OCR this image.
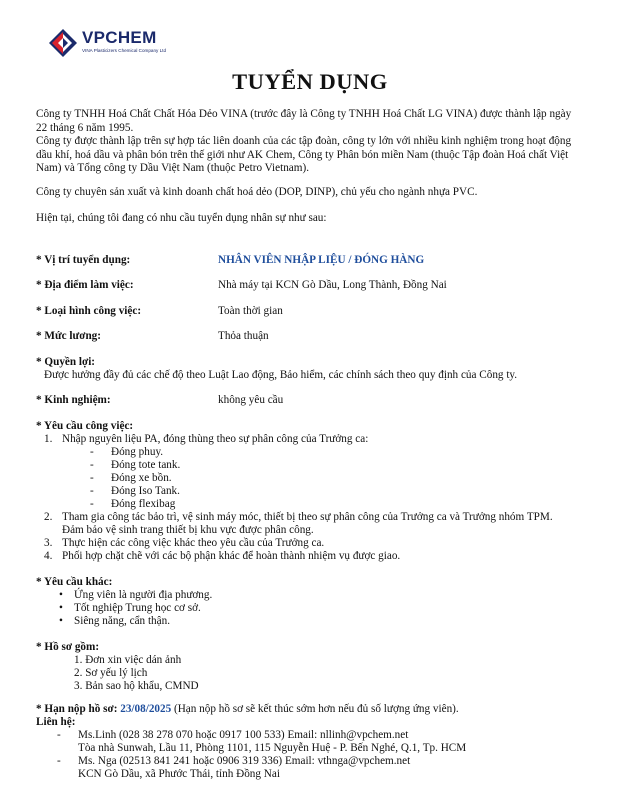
VPCHEM
VINA Plasticizers Chemical Company Ltd
TUYỂN DỤNG
Công ty TNHH Hoá Chất Chất Hóa Dẻo VINA (trước đây là Công ty TNHH Hoá Chất LG VINA) được thành lập ngày
22 tháng 6 năm 1995.
Công ty được thành lập trên sự hợp tác liên doanh của các tập đoàn, công ty lớn với nhiều kinh nghiệm trong hoạt động
dầu khí, hoá dầu và phân bón trên thế giới như AK Chem, Công ty Phân bón miền Nam (thuộc Tập đoàn Hoá chất Việt
Nam) và Tổng công ty Dầu Việt Nam (thuộc Petro Vietnam).
Công ty chuyên sản xuất và kinh doanh chất hoá dẻo (DOP, DINP), chủ yếu cho ngành nhựa PVC.
Hiện tại, chúng tôi đang có nhu cầu tuyển dụng nhân sự như sau:
* Vị trí tuyển dụng:	NHÂN VIÊN NHẬP LIỆU / ĐÓNG HÀNG
* Địa điểm làm việc:	Nhà máy tại KCN Gò Dầu, Long Thành, Đồng Nai
* Loại hình công việc:	Toàn thời gian
* Mức lương:	Thỏa thuận
* Quyền lợi:
Được hưởng đầy đủ các chế độ theo Luật Lao động, Bảo hiểm, các chính sách theo quy định của Công ty.
* Kinh nghiệm:	không yêu cầu
* Yêu cầu công việc:
1. Nhập nguyên liệu PA, đóng thùng theo sự phân công của Trưởng ca:
- Đóng phuy.
- Đóng tote tank.
- Đóng xe bồn.
- Đóng Iso Tank.
- Đóng flexibag
2. Tham gia công tác bảo trì, vệ sinh máy móc, thiết bị theo sự phân công của Trưởng ca và Trưởng nhóm TPM.
Đảm bảo vệ sinh trang thiết bị khu vực được phân công.
3. Thực hiện các công việc khác theo yêu cầu của Trưởng ca.
4. Phối hợp chặt chẽ với các bộ phận khác để hoàn thành nhiệm vụ được giao.
* Yêu cầu khác:
• Ứng viên là người địa phương.
• Tốt nghiệp Trung học cơ sở.
• Siêng năng, cẩn thận.
* Hồ sơ gồm:
1. Đơn xin việc dán ảnh
2. Sơ yếu lý lịch
3. Bản sao hộ khẩu, CMND
* Hạn nộp hồ sơ: 23/08/2025 (Hạn nộp hồ sơ sẽ kết thúc sớm hơn nếu đủ số lượng ứng viên).
Liên hệ:
- Ms.Linh (028 38 278 070 hoặc 0917 100 533) Email: nllinh@vpchem.net
Tòa nhà Sunwah, Lầu 11, Phòng 1101, 115 Nguyễn Huệ - P. Bến Nghé, Q.1, Tp. HCM
- Ms. Nga (02513 841 241 hoặc 0906 319 336) Email: vthnga@vpchem.net
KCN Gò Dầu, xã Phước Thái, tỉnh Đồng Nai
